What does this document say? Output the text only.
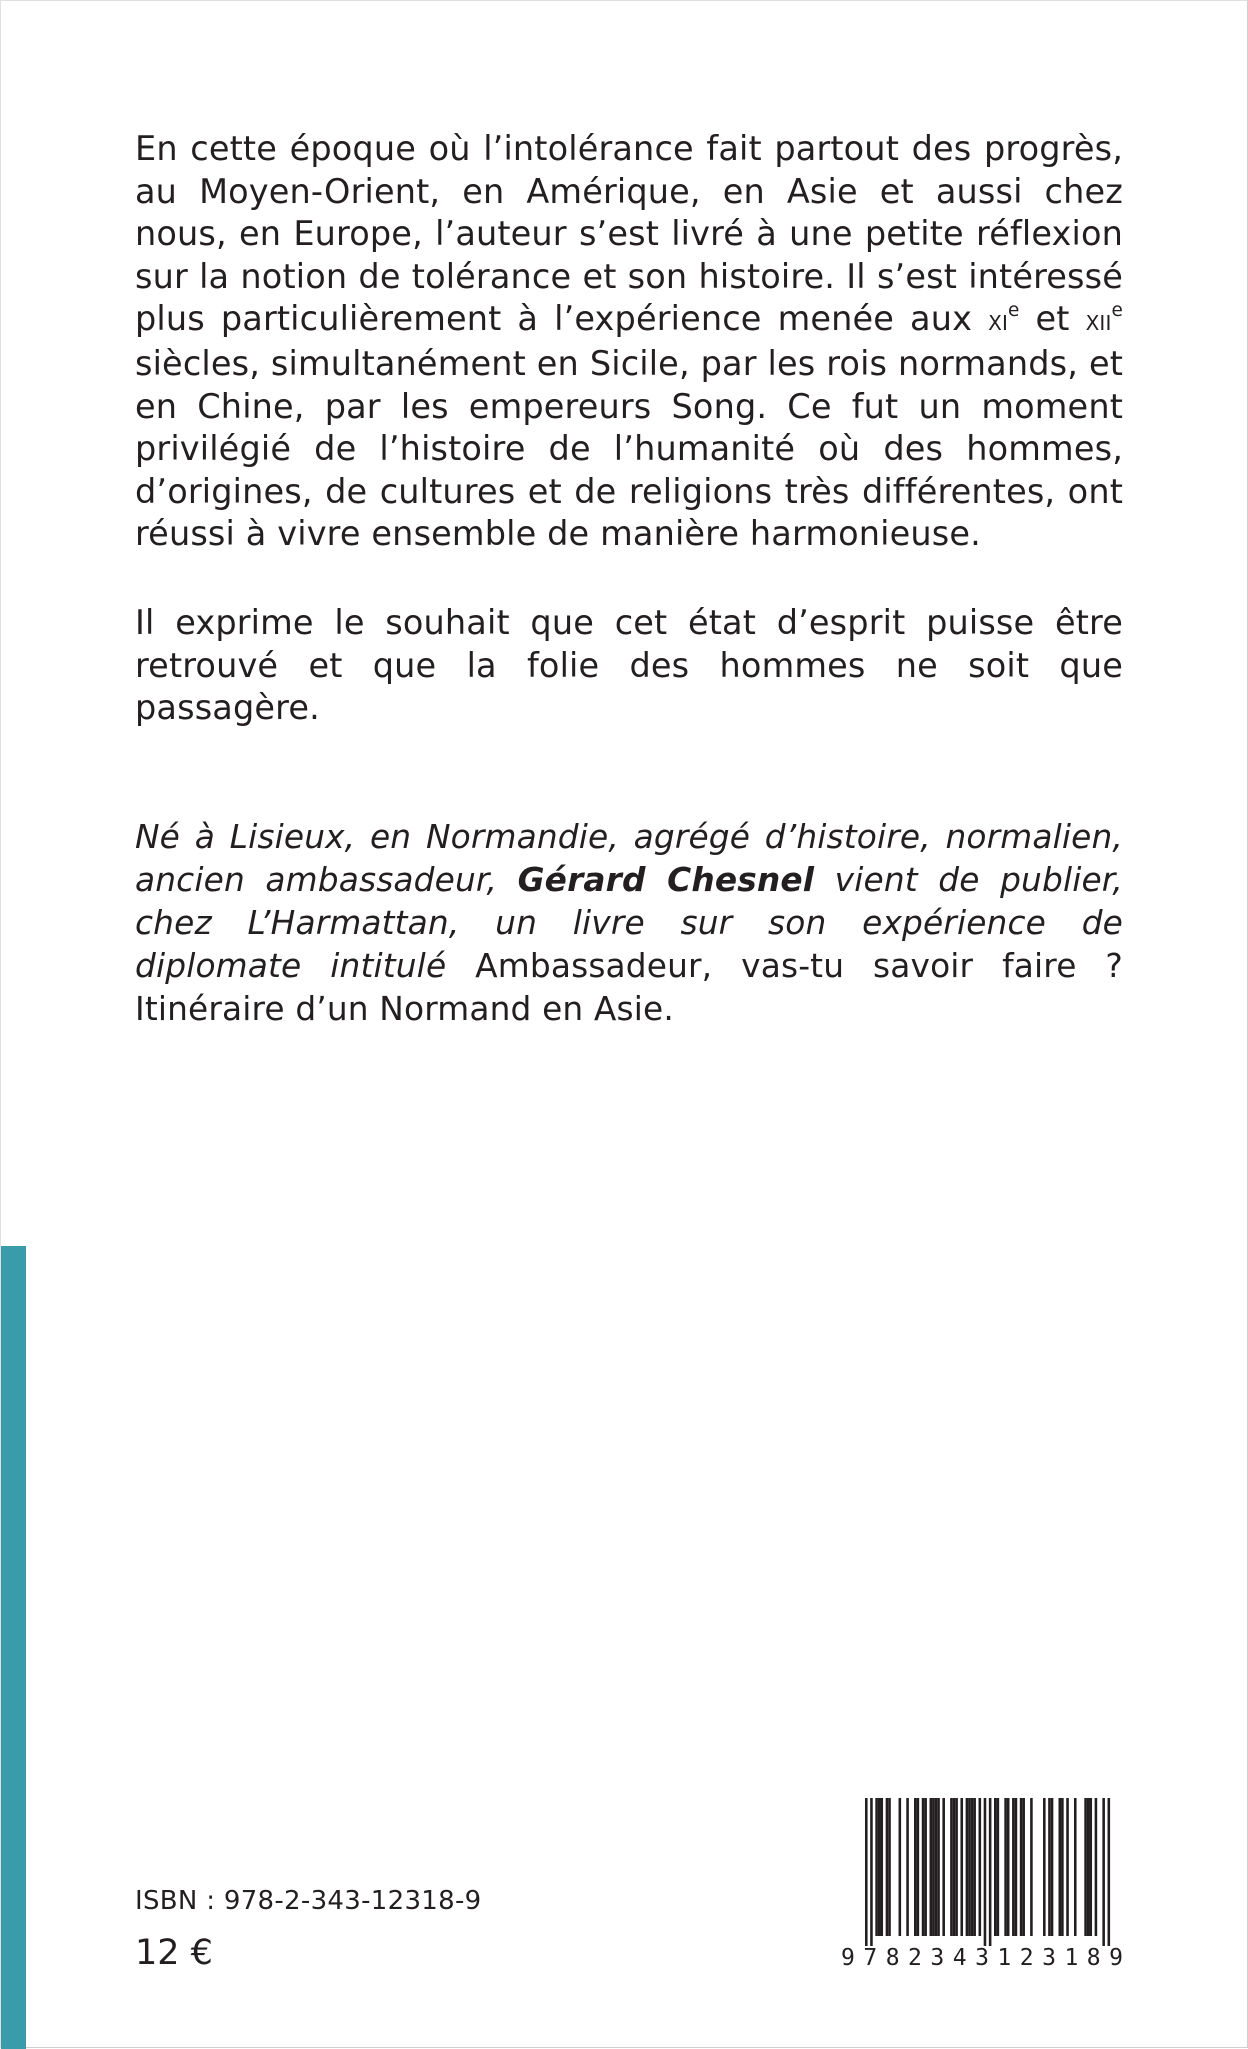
En cette époque où l’intolérance fait partout des progrès, au Moyen-Orient, en Amérique, en Asie et aussi chez nous, en Europe, l’auteur s’est livré à une petite réflexion sur la notion de tolérance et son histoire. Il s’est intéressé plus particulièrement à l’expérience menée aux $xi^e$ et xii$^e$ siècles, simultanément en Sicile, par les rois normands, et en Chine, par les empereurs Song. Ce fut un moment privilégié de l’histoire de l’humanité où des hommes, d’origines, de cultures et de religions très différentes, ont réussi à vivre ensemble de manière harmonieuse.
Il exprime le souhait que cet état d’esprit puisse être retrouvé et que la folie des hommes ne soit que passagère.
Né à Lisieux, en Normandie, agrégé d’histoire, normalien, ancien ambassadeur, Gérard Chesnel vient de publier, chez L’Harmattan, un livre sur son expérience de diplomate intitulé Ambassadeur, vas-tu savoir faire ? Itinéraire d’un Normand en Asie.
ISBN : 978-2-343-12318-9
12 €	9 7 8 2 3 4 3 1 2 3 1 8 9
